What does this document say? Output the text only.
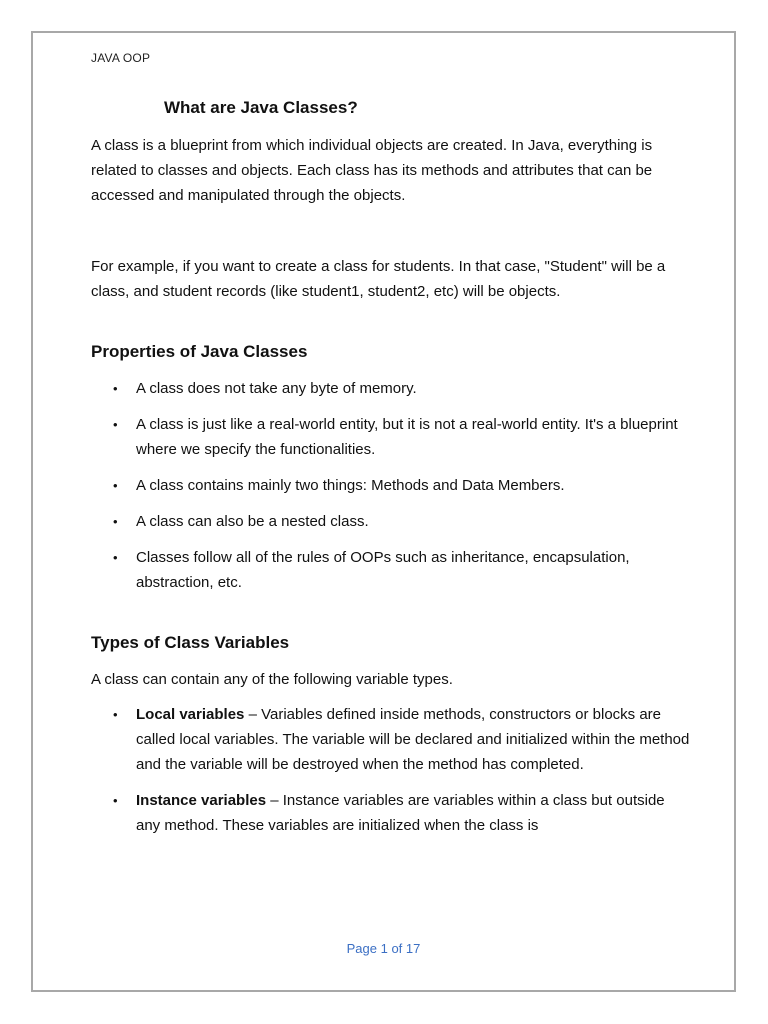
JAVA OOP
What are Java Classes?

A class is a blueprint from which individual objects are created. In Java, everything is related to classes and objects. Each class has its methods and attributes that can be accessed and manipulated through the objects.

For example, if you want to create a class for students. In that case, "Student" will be a class, and student records (like student1, student2, etc) will be objects.

Properties of Java Classes
• A class does not take any byte of memory.
• A class is just like a real-world entity, but it is not a real-world entity. It's a blueprint where we specify the functionalities.
• A class contains mainly two things: Methods and Data Members.
• A class can also be a nested class.
• Classes follow all of the rules of OOPs such as inheritance, encapsulation, abstraction, etc.
Types of Class Variables

A class can contain any of the following variable types.

• Local variables – Variables defined inside methods, constructors or blocks are called local variables. The variable will be declared and initialized within the method and the variable will be destroyed when the method has completed.
• Instance variables – Instance variables are variables within a class but outside any method. These variables are initialized when the class is
Page 1 of 17
